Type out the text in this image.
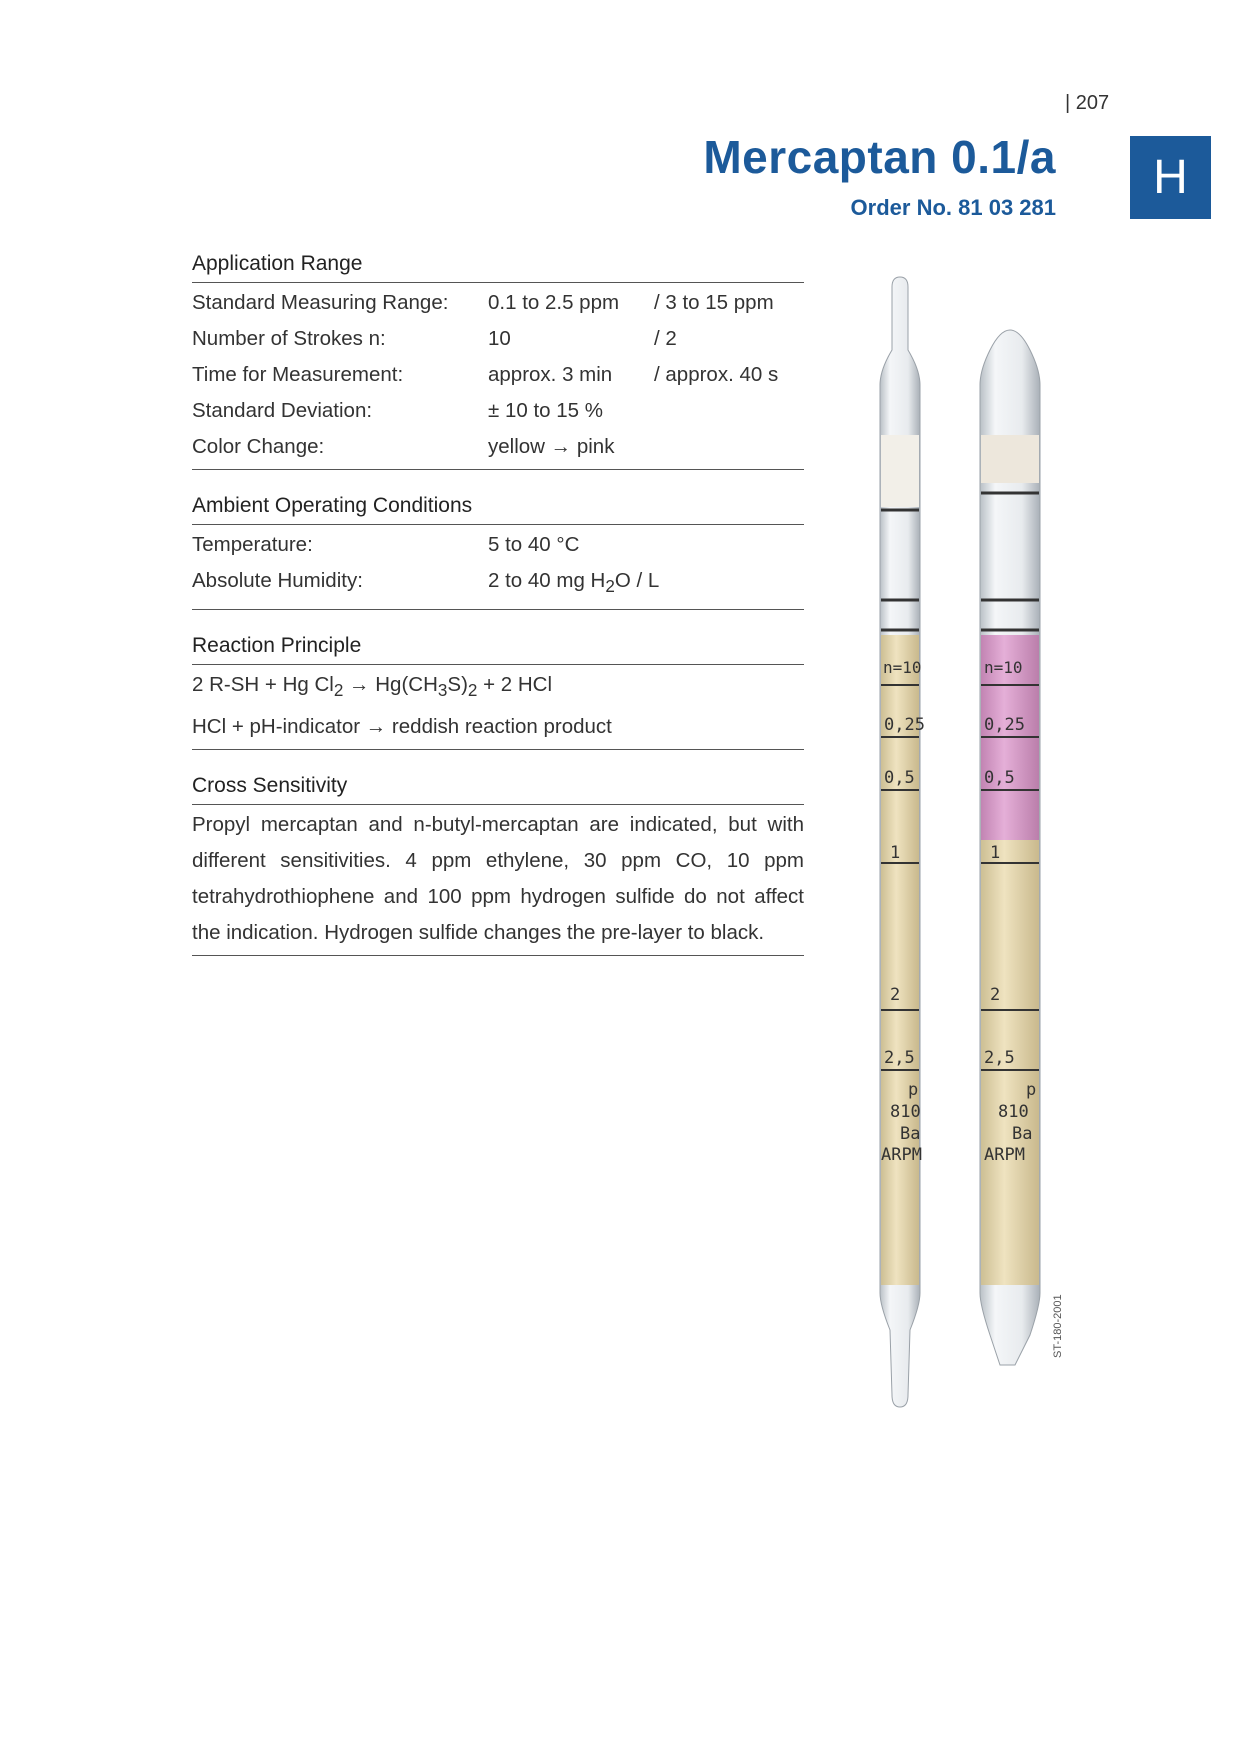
| 207
Mercaptan 0.1/a
Order No. 81 03 281
H
Application Range
Standard Measuring Range:	0.1 to 2.5 ppm	/ 3 to 15 ppm
Number of Strokes n:	10	/ 2
Time for Measurement:	approx. 3 min	/ approx. 40 s
Standard Deviation:	± 10 to 15 %
Color Change:	yellow → pink
Ambient Operating Conditions
Temperature:	5 to 40 °C
Absolute Humidity:	2 to 40 mg $H_2O$ / L
Reaction Principle
2 R-SH + Hg $Cl_2 \to Hg(CH_3S)_2 + 2$ HCl
HCl + pH-indicator → reddish reaction product
Cross Sensitivity
Propyl mercaptan and n-butyl-mercaptan are indicated, but with different sensitivities. 4 ppm ethylene, 30 ppm CO, 10 ppm tetrahydrothiophene and 100 ppm hydrogen sulfide do not affect the indication. Hydrogen sulfide changes the pre-layer to black.
n=10
0,25
0,5
1
2
2,5
p
810
Ba
ARPM
n=10
0,25
0,5
1
2
2,5
p
810
Ba
ARPM
ST-180-2001
